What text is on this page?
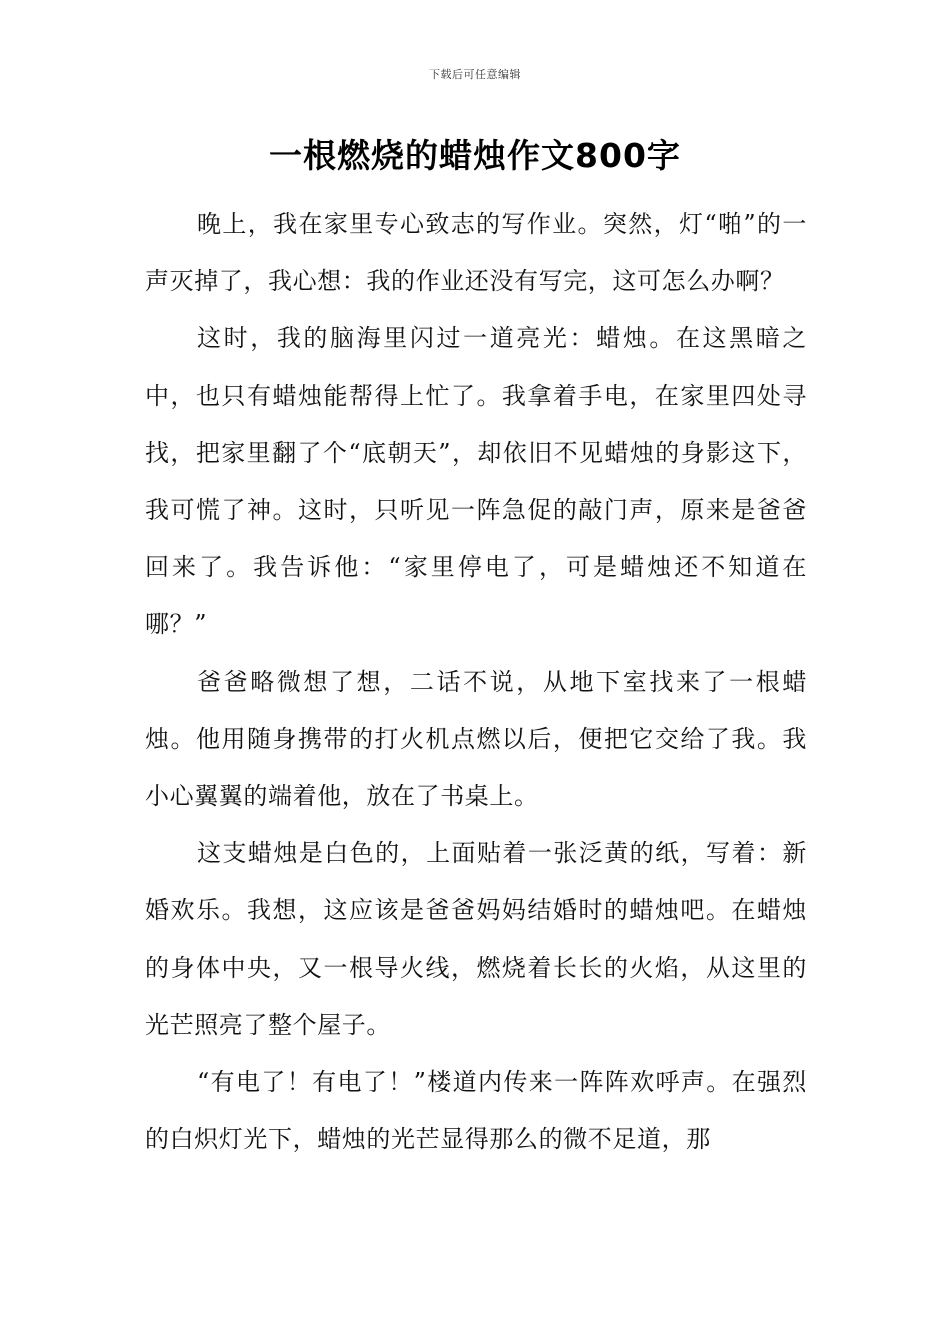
下载后可任意编辑
一根燃烧的蜡烛作文800字

晚上，我在家里专心致志的写作业。突然，灯“啪”的一声灭掉了，我心想：我的作业还没有写完，这可怎么办啊？

这时，我的脑海里闪过一道亮光：蜡烛。在这黑暗之中，也只有蜡烛能帮得上忙了。我拿着手电，在家里四处寻找，把家里翻了个“底朝天”，却依旧不见蜡烛的身影这下，我可慌了神。这时，只听见一阵急促的敲门声，原来是爸爸回来了。我告诉他：“家里停电了，可是蜡烛还不知道在哪？”

爸爸略微想了想，二话不说，从地下室找来了一根蜡烛。他用随身携带的打火机点燃以后，便把它交给了我。我小心翼翼的端着他，放在了书桌上。

这支蜡烛是白色的，上面贴着一张泛黄的纸，写着：新婚欢乐。我想，这应该是爸爸妈妈结婚时的蜡烛吧。在蜡烛的身体中央，又一根导火线，燃烧着长长的火焰，从这里的光芒照亮了整个屋子。

“有电了！有电了！”楼道内传来一阵阵欢呼声。在强烈的白炽灯光下，蜡烛的光芒显得那么的微不足道，那
